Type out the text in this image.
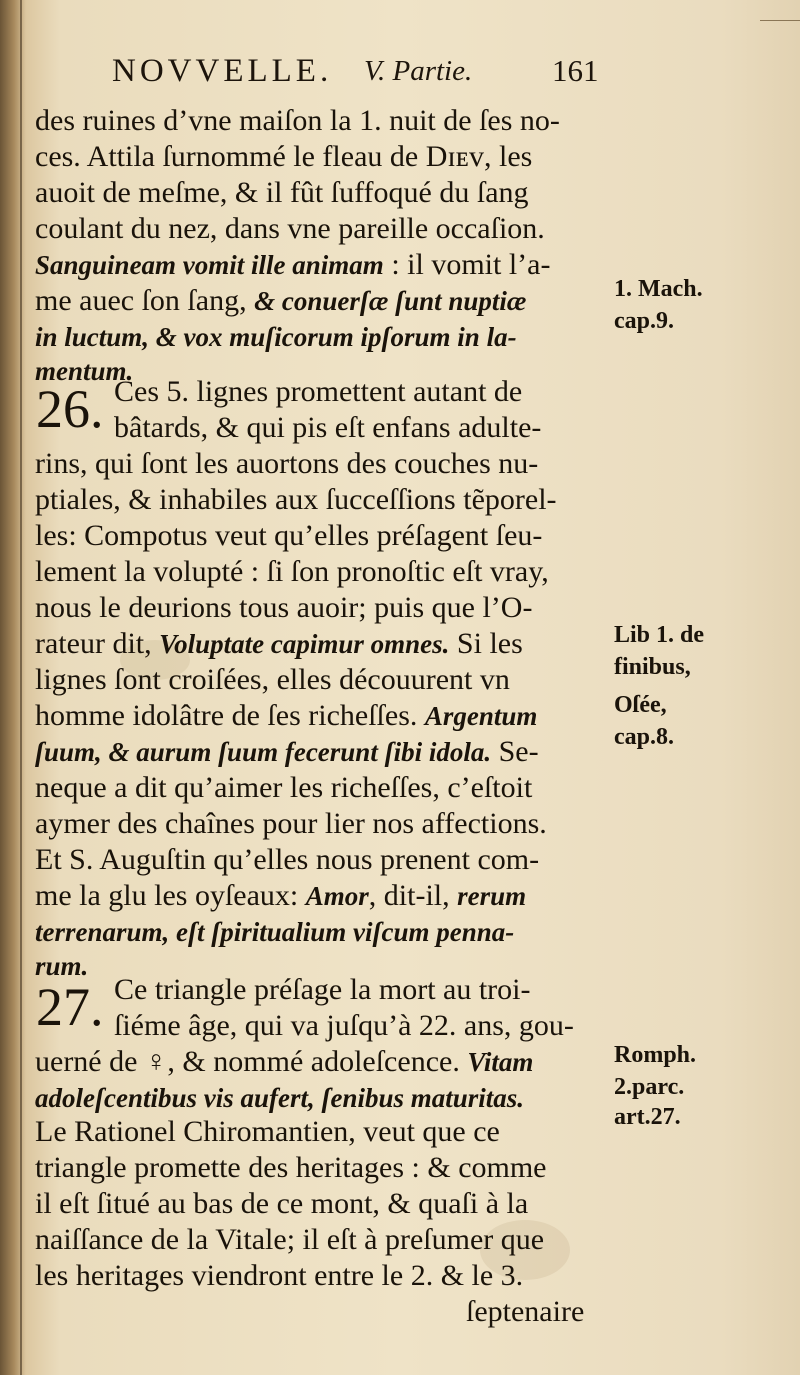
NOVVELLE. V. Partie.	161
des ruines d’vne maiſon la 1. nuit de ſes no-
ces. Attila ſurnommé le fleau de Dɪᴇᴠ, les
auoit de meſme, & il fût ſuffoqué du ſang
coulant du nez, dans vne pareille occaſion.
Sanguineam vomit ille animam : il vomit l’a-
me auec ſon ſang, & conuerſæ ſunt nuptiæ
in luctum, & vox muſicorum ipſorum in la-
mentum.
26. Ces 5. lignes promettent autant de
bâtards, & qui pis eſt enfans adulte-
rins, qui ſont les auortons des couches nu-
ptiales, & inhabiles aux ſucceſſions tẽporel-
les: Compotus veut qu’elles préſagent ſeu-
lement la volupté : ſi ſon pronoſtic eſt vray,
nous le deurions tous auoir; puis que l’O-
rateur dit, Voluptate capimur omnes. Si les
lignes ſont croiſées, elles découurent vn
homme idolâtre de ſes richeſſes. Argentum
ſuum, & aurum ſuum fecerunt ſibi idola. Se-
neque a dit qu’aimer les richeſſes, c’eſtoit
aymer des chaînes pour lier nos affections.
Et S. Auguſtin qu’elles nous prenent com-
me la glu les oyſeaux: Amor, dit-il, rerum
terrenarum, eſt ſpiritualium viſcum penna-
rum.
27. Ce triangle préſage la mort au troi-
ſiéme âge, qui va juſqu’à 22. ans, gou-
uerné de ♀, & nommé adoleſcence. Vitam
adoleſcentibus vis aufert, ſenibus maturitas.
Le Rationel Chiromantien, veut que ce
triangle promette des heritages : & comme
il eſt ſitué au bas de ce mont, & quaſi à la
naiſſance de la Vitale; il eſt à preſumer que
les heritages viendront entre le 2. & le 3.
ſeptenaire
1. Mach.
cap.9.
Lib 1. de
finibus,
Oſée,
cap.8.
Romph.
2.parc.
art.27.
